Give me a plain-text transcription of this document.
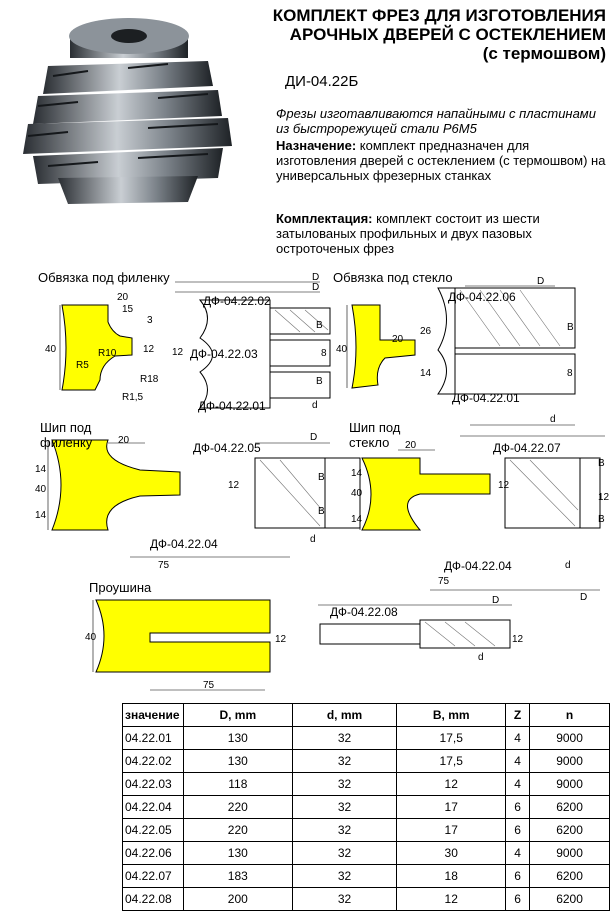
КОМПЛЕКТ ФРЕЗ ДЛЯ ИЗГОТОВЛЕНИЯ
АРОЧНЫХ ДВЕРЕЙ С ОСТЕКЛЕНИЕМ
(с термошвом)
ДИ-04.22Б
Фрезы изготавливаются напайными с пластинами из быстрорежущей стали Р6М5
Назначение: комплект предназначен для изготовления дверей с остеклением (с термошвом) на универсальных фрезерных станках
Комплектация: комплект состоит из шести затылованых профильных и двух пазовых остроточеных фрез
Обвязка под филенку	Обвязка под стекло
Шип под
филенку
Шип под
стекло
Проушина
ДФ-04.22.02
ДФ-04.22.03
ДФ-04.22.01
ДФ-04.22.06
ДФ-04.22.01
ДФ-04.22.05
ДФ-04.22.04
ДФ-04.22.07
ДФ-04.22.04
ДФ-04.22.08
20
15
3
12
40	R10
R5
R1,5
R18
D
D
d
B
B
12	8
20
40
26
14
D
d
B
8
20	D
14
40
14
12
B
B
d
75
20
14
40
14
12
B
12
B
75
D
d
40	12
75
D
12
d
значение	D, mm	d, mm	B, mm	Z	n
04.22.01	130	32	17,5	4	9000
04.22.02	130	32	17,5	4	9000
04.22.03	118	32	12	4	9000
04.22.04	220	32	17	6	6200
04.22.05	220	32	17	6	6200
04.22.06	130	32	30	4	9000
04.22.07	183	32	18	6	6200
04.22.08	200	32	12	6	6200
